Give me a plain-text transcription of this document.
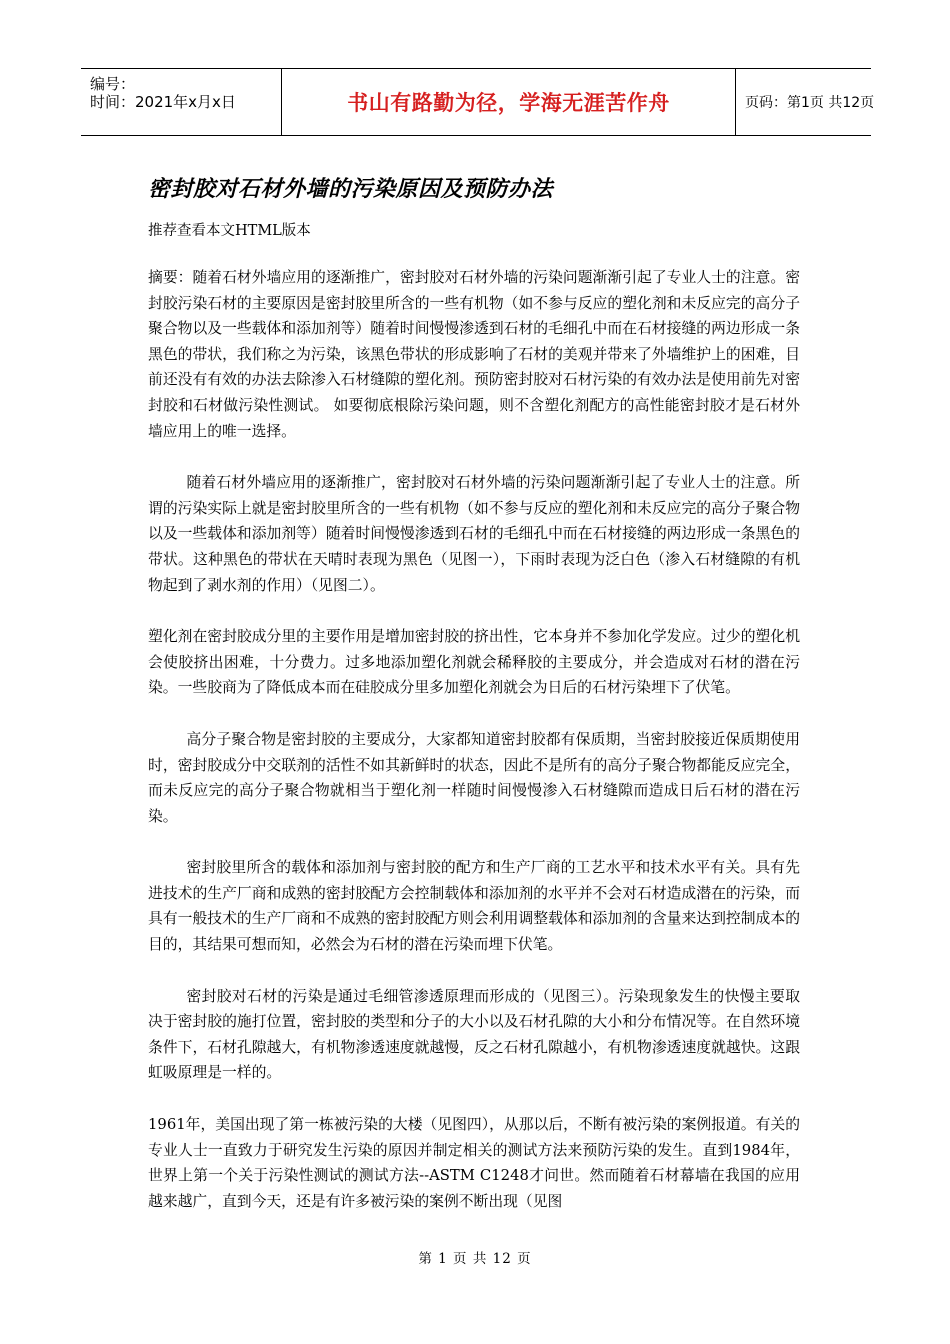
编号：
时间：2021年x月x日	书山有路勤为径，学海无涯苦作舟	页码：第1页 共12页
密封胶对石材外墙的污染原因及预防办法
推荐查看本文HTML版本

摘要：随着石材外墙应用的逐渐推广，密封胶对石材外墙的污染问题渐渐引起了专业人士的注意。密封胶污染石材的主要原因是密封胶里所含的一些有机物（如不参与反应的塑化剂和未反应完的高分子聚合物以及一些载体和添加剂等）随着时间慢慢渗透到石材的毛细孔中而在石材接缝的两边形成一条黑色的带状，我们称之为污染，该黑色带状的形成影响了石材的美观并带来了外墙维护上的困难，目前还没有有效的办法去除渗入石材缝隙的塑化剂。预防密封胶对石材污染的有效办法是使用前先对密封胶和石材做污染性测试。 如要彻底根除污染问题，则不含塑化剂配方的高性能密封胶才是石材外墙应用上的唯一选择。

随着石材外墙应用的逐渐推广，密封胶对石材外墙的污染问题渐渐引起了专业人士的注意。所谓的污染实际上就是密封胶里所含的一些有机物（如不参与反应的塑化剂和未反应完的高分子聚合物以及一些载体和添加剂等）随着时间慢慢渗透到石材的毛细孔中而在石材接缝的两边形成一条黑色的带状。这种黑色的带状在天晴时表现为黑色（见图一），下雨时表现为泛白色（渗入石材缝隙的有机物起到了剥水剂的作用）（见图二）。

塑化剂在密封胶成分里的主要作用是增加密封胶的挤出性，它本身并不参加化学发应。过少的塑化机会使胶挤出困难，十分费力。过多地添加塑化剂就会稀释胶的主要成分，并会造成对石材的潜在污染。一些胶商为了降低成本而在硅胶成分里多加塑化剂就会为日后的石材污染埋下了伏笔。

高分子聚合物是密封胶的主要成分，大家都知道密封胶都有保质期，当密封胶接近保质期使用时，密封胶成分中交联剂的活性不如其新鲜时的状态，因此不是所有的高分子聚合物都能反应完全，而未反应完的高分子聚合物就相当于塑化剂一样随时间慢慢渗入石材缝隙而造成日后石材的潜在污染。

密封胶里所含的载体和添加剂与密封胶的配方和生产厂商的工艺水平和技术水平有关。具有先进技术的生产厂商和成熟的密封胶配方会控制载体和添加剂的水平并不会对石材造成潜在的污染，而具有一般技术的生产厂商和不成熟的密封胶配方则会利用调整载体和添加剂的含量来达到控制成本的目的，其结果可想而知，必然会为石材的潜在污染而埋下伏笔。

密封胶对石材的污染是通过毛细管渗透原理而形成的（见图三）。污染现象发生的快慢主要取决于密封胶的施打位置，密封胶的类型和分子的大小以及石材孔隙的大小和分布情况等。在自然环境条件下，石材孔隙越大，有机物渗透速度就越慢，反之石材孔隙越小，有机物渗透速度就越快。这跟虹吸原理是一样的。

1961年，美国出现了第一栋被污染的大楼（见图四），从那以后，不断有被污染的案例报道。有关的专业人士一直致力于研究发生污染的原因并制定相关的测试方法来预防污染的发生。直到1984年，世界上第一个关于污染性测试的测试方法--ASTM C1248才问世。然而随着石材幕墙在我国的应用越来越广，直到今天，还是有许多被污染的案例不断出现（见图

第 1 页 共 12 页
